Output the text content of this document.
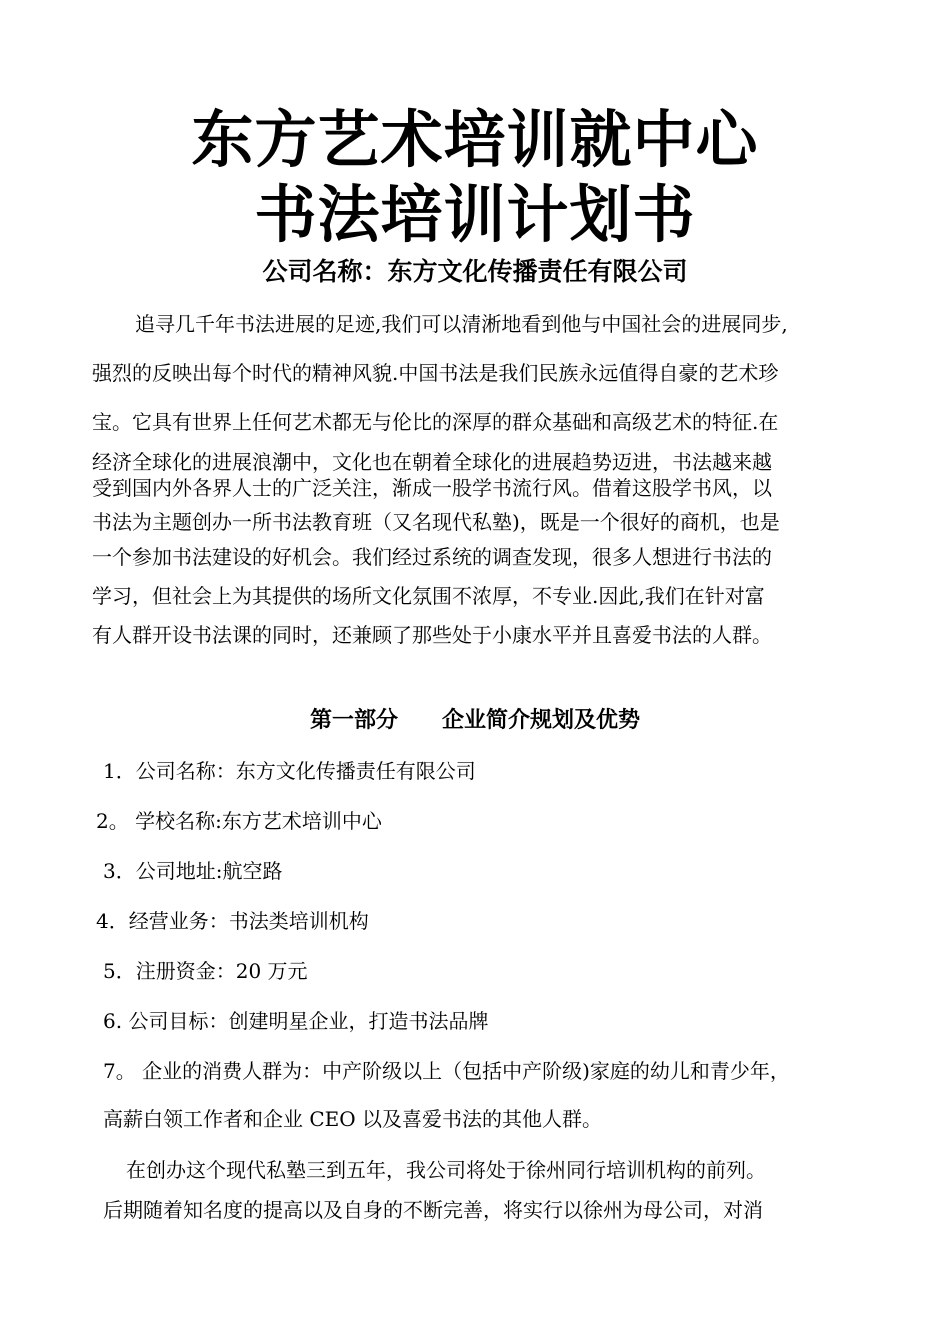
东方艺术培训就中心
书法培训计划书
公司名称：东方文化传播责任有限公司
追寻几千年书法进展的足迹,我们可以清淅地看到他与中国社会的进展同步,
强烈的反映出每个时代的精神风貌.中国书法是我们民族永远值得自豪的艺术珍
宝。它具有世界上任何艺术都无与伦比的深厚的群众基础和高级艺术的特征.在
经济全球化的进展浪潮中，文化也在朝着全球化的进展趋势迈进，书法越来越
受到国内外各界人士的广泛关注，渐成一股学书流行风。借着这股学书风，以
书法为主题创办一所书法教育班（又名现代私塾)，既是一个很好的商机，也是
一个参加书法建设的好机会。我们经过系统的调查发现，很多人想进行书法的
学习，但社会上为其提供的场所文化氛围不浓厚，不专业.因此,我们在针对富
有人群开设书法课的同时，还兼顾了那些处于小康水平并且喜爱书法的人群。
第一部分　　企业简介规划及优势
1．公司名称：东方文化传播责任有限公司
2。 学校名称:东方艺术培训中心
3．公司地址:航空路
4．经营业务：书法类培训机构
5．注册资金：20 万元
6. 公司目标：创建明星企业，打造书法品牌
7。 企业的消费人群为：中产阶级以上（包括中产阶级)家庭的幼儿和青少年，
高薪白领工作者和企业 CEO 以及喜爱书法的其他人群。
在创办这个现代私塾三到五年，我公司将处于徐州同行培训机构的前列。
后期随着知名度的提高以及自身的不断完善，将实行以徐州为母公司，对消
